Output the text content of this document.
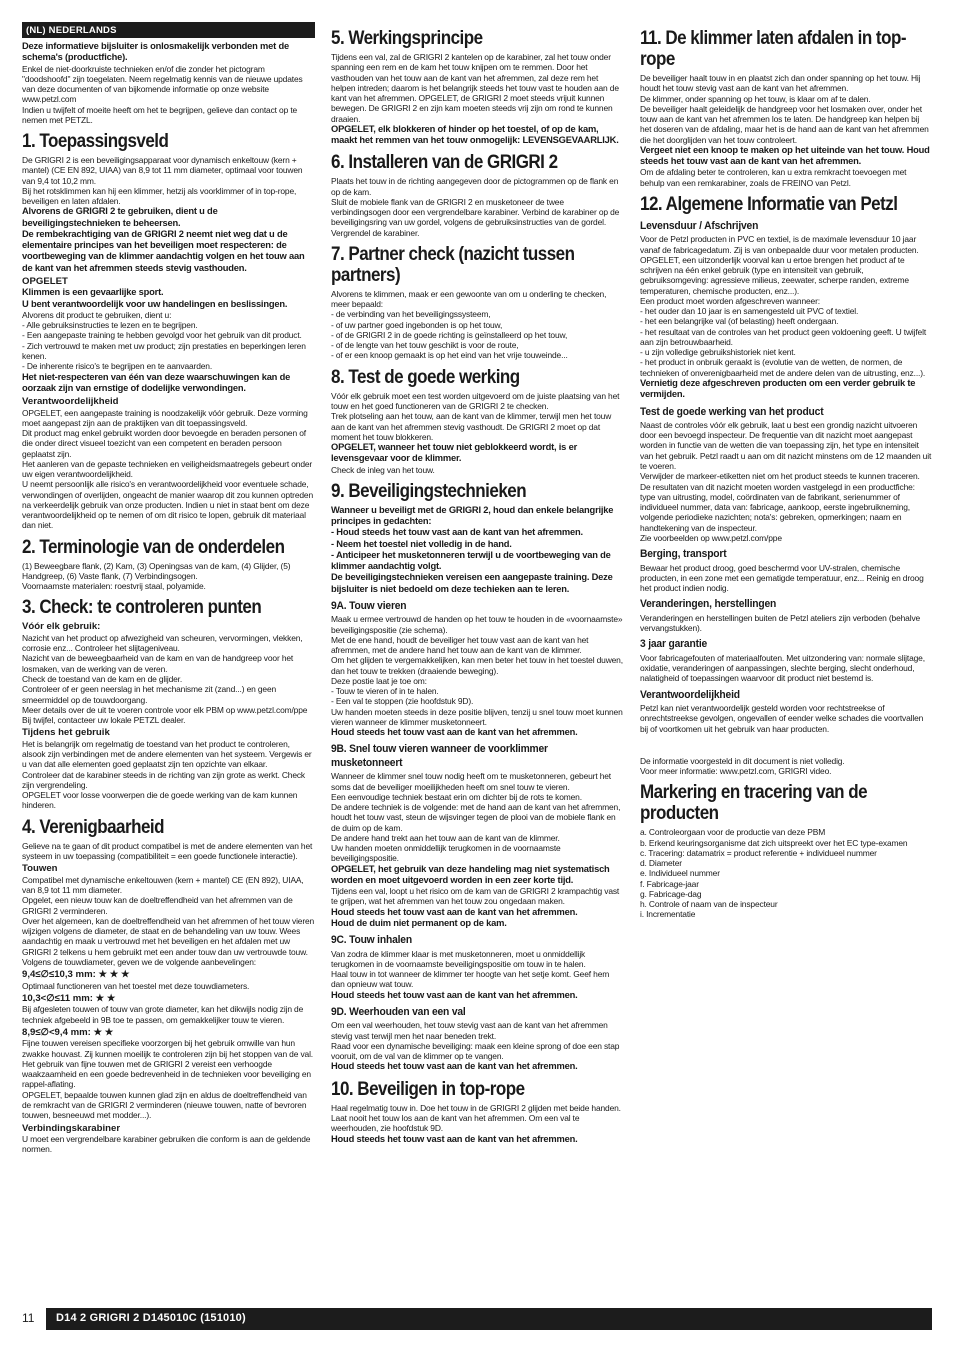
(NL) NEDERLANDS
Deze informatieve bijsluiter is onlosmakelijk verbonden met de schema's (productfiche).
Enkel de niet-doorkruiste technieken en/of die zonder het pictogram "doodshoofd" zijn toegelaten. Neem regelmatig kennis van de nieuwe updates van deze documenten of van bijkomende informatie op onze website www.petzl.com
Indien u twijfelt of moeite heeft om het te begrijpen, gelieve dan contact op te nemen met PETZL.
1. Toepassingsveld
De GRIGRI 2 is een beveiligingsapparaat voor dynamisch enkeltouw (kern + mantel) (CE EN 892, UIAA) van 8,9 tot 11 mm diameter, optimaal voor touwen van 9,4 tot 10,2 mm.
Bij het rotsklimmen kan hij een klimmer, hetzij als voorklimmer of in top-rope, beveiligen en laten afdalen.
Alvorens de GRIGRI 2 te gebruiken, dient u de beveiligingstechnieken te beheersen.
De rembekrachtiging van de GRIGRI 2 neemt niet weg dat u de elementaire principes van het beveiligen moet respecteren: de voortbeweging van de klimmer aandachtig volgen en het touw aan de kant van het afremmen steeds stevig vasthouden.
OPGELET
Klimmen is een gevaarlijke sport.
U bent verantwoordelijk voor uw handelingen en beslissingen.
Alvorens dit product te gebruiken, dient u:
- Alle gebruiksinstructies te lezen en te begrijpen.
- Een aangepaste training te hebben gevolgd voor het gebruik van dit product.
- Zich vertrouwd te maken met uw product; zijn prestaties en beperkingen leren kenen.
- De inherente risico's te begrijpen en te aanvaarden.
Het niet-respecteren van één van deze waarschuwingen kan de oorzaak zijn van ernstige of dodelijke verwondingen.
Verantwoordelijkheid
OPGELET, een aangepaste training is noodzakelijk vóór gebruik. Deze vorming moet aangepast zijn aan de praktijken van dit toepassingsveld.
Dit product mag enkel gebruikt worden door bevoegde en beraden personen of die onder direct visueel toezicht van een competent en beraden persoon geplaatst zijn.
Het aanleren van de gepaste technieken en veiligheidsmaatregels gebeurt onder uw eigen verantwoordelijkheid.
U neemt persoonlijk alle risico's en verantwoordelijkheid voor eventuele schade, verwondingen of overlijden, ongeacht de manier waarop dit zou kunnen optreden na verkeerdelijk gebruik van onze producten. Indien u niet in staat bent om deze verantwoordelijkheid op te nemen of om dit risico te lopen, gebruik dit materiaal dan niet.
2. Terminologie van de onderdelen
(1) Beweegbare flank, (2) Kam, (3) Openingsas van de kam, (4) Glijder, (5) Handgreep, (6) Vaste flank, (7) Verbindingsogen.
Voornaamste materialen: roestvrij staal, polyamide.
3. Check: te controleren punten
Vóór elk gebruik:
Nazicht van het product op afwezigheid van scheuren, vervormingen, vlekken, corrosie enz... Controleer het slijtageniveau.
Nazicht van de beweegbaarheid van de kam en van de handgreep voor het losmaken, van de werking van de veren.
Check de toestand van de kam en de glijder.
Controleer of er geen neerslag in het mechanisme zit (zand...) en geen smeermiddel op de touwdoorgang.
Meer details over de uit te voeren controle voor elk PBM op www.petzl.com/ppe
Bij twijfel, contacteer uw lokale PETZL dealer.
Tijdens het gebruik
Het is belangrijk om regelmatig de toestand van het product te controleren, alsook zijn verbindingen met de andere elementen van het systeem. Vergewis er u van dat alle elementen goed geplaatst zijn ten opzichte van elkaar.
Controleer dat de karabiner steeds in de richting van zijn grote as werkt. Check zijn vergrendeling.
OPGELET voor losse voorwerpen die de goede werking van de kam kunnen hinderen.
4. Verenigbaarheid
Gelieve na te gaan of dit product compatibel is met de andere elementen van het systeem in uw toepassing (compatibiliteit = een goede functionele interactie).
Touwen
Compatibel met dynamische enkeltouwen (kern + mantel) CE (EN 892), UIAA, van 8,9 tot 11 mm diameter.
Opgelet, een nieuw touw kan de doeltreffendheid van het afremmen van de GRIGRI 2 verminderen.
Over het algemeen, kan de doeltreffendheid van het afremmen of het touw vieren wijzigen volgens de diameter, de staat en de behandeling van uw touw. Wees aandachtig en maak u vertrouwd met het beveiligen en het afdalen met uw GRIGRI 2 telkens u hem gebruikt met een ander touw dan uw vertrouwde touw.
Volgens de touwdiameter, geven we de volgende aanbevelingen:
9,4≤∅≤10,3 mm: ★ ★ ★
Optimaal functioneren van het toestel met deze touwdiameters.
10,3<∅≤11 mm: ★ ★
Bij afgesleten touwen of touw van grote diameter, kan het dikwijls nodig zijn de techniek afgebeeld in 9B toe te passen, om gemakkelijker touw te vieren.
8,9≤∅<9,4 mm: ★ ★
Fijne touwen vereisen specifieke voorzorgen bij het gebruik omwille van hun zwakke houvast. Zij kunnen moeilijk te controleren zijn bij het stoppen van de val. Het gebruik van fijne touwen met de GRIGRI 2 vereist een verhoogde waakzaamheid en een goede bedrevenheid in de technieken voor beveiliging en rappel-aflating.
OPGELET, bepaalde touwen kunnen glad zijn en aldus de doeltreffendheid van de remkracht van de GRIGRI 2 verminderen (nieuwe touwen, natte of bevroren touwen, besneeuwd met modder...).
Verbindingskarabiner
U moet een vergrendelbare karabiner gebruiken die conform is aan de geldende normen.
5. Werkingsprincipe
Tijdens een val, zal de GRIGRI 2 kantelen op de karabiner, zal het touw onder spanning een rem en de kam het touw knijpen om te remmen. Door het vasthouden van het touw aan de kant van het afremmen, zal deze rem het helpen intreden; daarom is het belangrijk steeds het touw vast te houden aan de kant van het afremmen. OPGELET, de GRIGRI 2 moet steeds vrijuit kunnen bewegen. De GRIGRI 2 en zijn kam moeten steeds vrij zijn om rond te kunnen draaien.
OPGELET, elk blokkeren of hinder op het toestel, of op de kam, maakt het remmen van het touw onmogelijk: LEVENSGEVAARLIJK.
6. Installeren van de GRIGRI 2
Plaats het touw in de richting aangegeven door de pictogrammen op de flank en op de kam.
Sluit de mobiele flank van de GRIGRI 2 en musketoneer de twee verbindingsogen door een vergrendelbare karabiner. Verbind de karabiner op de beveiligingsring van uw gordel, volgens de gebruiksinstructies van de gordel. Vergrendel de karabiner.
7. Partner check (nazicht tussen partners)
Alvorens te klimmen, maak er een gewoonte van om u onderling te checken, meer bepaald:
- de verbinding van het beveiligingssysteem,
- of uw partner goed ingebonden is op het touw,
- of de GRIGRI 2 in de goede richting is geïnstalleerd op het touw,
- of de lengte van het touw geschikt is voor de route,
- of er een knoop gemaakt is op het eind van het vrije touweinde...
8. Test de goede werking
Vóór elk gebruik moet een test worden uitgevoerd om de juiste plaatsing van het touw en het goed functioneren van de GRIGRI 2 te checken.
Trek plotseling aan het touw, aan de kant van de klimmer, terwijl men het touw aan de kant van het afremmen stevig vasthoudt. De GRIGRI 2 moet op dat moment het touw blokkeren.
OPGELET, wanneer het touw niet geblokkeerd wordt, is er levensgevaar voor de klimmer.
Check de inleg van het touw.
9. Beveiligingstechnieken
Wanneer u beveiligt met de GRIGRI 2, houd dan enkele belangrijke principes in gedachten:
- Houd steeds het touw vast aan de kant van het afremmen.
- Neem het toestel niet volledig in de hand.
- Anticipeer het musketonneren terwijl u de voortbeweging van de klimmer aandachtig volgt.
De beveiligingstechnieken vereisen een aangepaste training. Deze bijsluiter is niet bedoeld om deze techieken aan te leren.
9A. Touw vieren
Maak u ermee vertrouwd de handen op het touw te houden in de «voornaamste» beveiligingspositie (zie schema).
Met de ene hand, houdt de beveiliger het touw vast aan de kant van het afremmen, met de andere hand het touw aan de kant van de klimmer.
Om het glijden te vergemakkelijken, kan men beter het touw in het toestel duwen, dan het touw te trekken (draaiende beweging).
Deze postie laat je toe om:
- Touw te vieren of in te halen.
- Een val te stoppen (zie hoofdstuk 9D).
Uw handen moeten steeds in deze positie blijven, tenzij u snel touw moet kunnen vieren wanneer de klimmer musketonneert.
Houd steeds het touw vast aan de kant van het afremmen.
9B. Snel touw vieren wanneer de voorklimmer musketonneert
Wanneer de klimmer snel touw nodig heeft om te musketonneren, gebeurt het soms dat de beveiliger moeilijkheden heeft om snel touw te vieren.
Een eenvoudige techniek bestaat erin om dichter bij de rots te komen.
De andere techniek is de volgende: met de hand aan de kant van het afremmen, houdt het touw vast, steun de wijsvinger tegen de plooi van de mobiele flank en de duim op de kam.
De andere hand trekt aan het touw aan de kant van de klimmer.
Uw handen moeten onmiddellijk terugkomen in de voornaamste beveiligingspositie.
OPGELET, het gebruik van deze handeling mag niet systematisch worden en moet uitgevoerd worden in een zeer korte tijd.
Tijdens een val, loopt u het risico om de kam van de GRIGRI 2 krampachtig vast te grijpen, wat het afremmen van het touw zou ongedaan maken.
Houd steeds het touw vast aan de kant van het afremmen.
Houd de duim niet permanent op de kam.
9C. Touw inhalen
Van zodra de klimmer klaar is met musketonneren, moet u onmiddellijk terugkomen in de voornaamste beveiligingspositie om touw in te halen.
Haal touw in tot wanneer de klimmer ter hoogte van het setje komt. Geef hem dan opnieuw wat touw.
Houd steeds het touw vast aan de kant van het afremmen.
9D. Weerhouden van een val
Om een val weerhouden, het touw stevig vast aan de kant van het afremmen stevig vast terwijl men het naar beneden trekt.
Raad voor een dynamische beveiliging: maak een kleine sprong of doe een stap vooruit, om de val van de klimmer op te vangen.
Houd steeds het touw vast aan de kant van het afremmen.
10. Beveiligen in top-rope
Haal regelmatig touw in. Doe het touw in de GRIGRI 2 glijden met beide handen. Laat nooit het touw los aan de kant van het afremmen. Om een val te weerhouden, zie hoofdstuk 9D.
Houd steeds het touw vast aan de kant van het afremmen.
11. De klimmer laten afdalen in top-rope
De beveiliger haalt touw in en plaatst zich dan onder spanning op het touw. Hij houdt het touw stevig vast aan de kant van het afremmen.
De klimmer, onder spanning op het touw, is klaar om af te dalen.
De beveiliger haalt geleidelijk de handgreep voor het losmaken over, onder het touw aan de kant van het afremmen los te laten. De handgreep kan helpen bij het doseren van de afdaling, maar het is de hand aan de kant van het afremmen die het doorglijden van het touw controleert.
Vergeet niet een knoop te maken op het uiteinde van het touw. Houd steeds het touw vast aan de kant van het afremmen.
Om de afdaling beter te controleren, kan u extra remkracht toevoegen met behulp van een remkarabiner, zoals de FREINO van Petzl.
12. Algemene Informatie van Petzl
Levensduur / Afschrijven
Voor de Petzl producten in PVC en textiel, is de maximale levensduur 10 jaar vanaf de fabricagedatum. Zij is van onbepaalde duur voor metalen producten.
OPGELET, een uitzonderlijk voorval kan u ertoe brengen het product af te schrijven na één enkel gebruik (type en intensiteit van gebruik, gebruiksomgeving: agressieve milieus, zeewater, scherpe randen, extreme temperaturen, chemische producten, enz...).
Een product moet worden afgeschreven wanneer:
- het ouder dan 10 jaar is en samengesteld uit PVC of textiel.
- het een belangrijke val (of belasting) heeft ondergaan.
- het resultaat van de controles van het product geen voldoening geeft. U twijfelt aan zijn betrouwbaarheid.
- u zijn volledige gebruikshistoriek niet kent.
- het product in onbruik geraakt is (evolutie van de wetten, de normen, de technieken of onverenigbaarheid met de andere delen van de uitrusting, enz...).
Vernietig deze afgeschreven producten om een verder gebruik te vermijden.
Test de goede werking van het product
Naast de controles vóór elk gebruik, laat u best een grondig nazicht uitvoeren door een bevoegd inspecteur. De frequentie van dit nazicht moet aangepast worden in functie van de wetten die van toepassing zijn, het type en intensiteit van het gebruik. Petzl raadt u aan om dit nazicht minstens om de 12 maanden uit te voeren.
Verwijder de markeer-etiketten niet om het product steeds te kunnen traceren.
De resultaten van dit nazicht moeten worden vastgelegd in een productfiche: type van uitrusting, model, coördinaten van de fabrikant, serienummer of individueel nummer, data van: fabricage, aankoop, eerste ingebruikneming, volgende periodieke nazichten; nota's: gebreken, opmerkingen; naam en handtekening van de inspecteur.
Zie voorbeelden op www.petzl.com/ppe
Berging, transport
Bewaar het product droog, goed beschermd voor UV-stralen, chemische producten, in een zone met een gematigde temperatuur, enz... Reinig en droog het product indien nodig.
Veranderingen, herstellingen
Veranderingen en herstellingen buiten de Petzl ateliers zijn verboden (behalve vervangstukken).
3 jaar garantie
Voor fabricagefouten of materiaalfouten. Met uitzondering van: normale slijtage, oxidatie, veranderingen of aanpassingen, slechte berging, slecht onderhoud, nalatigheid of toepassingen waarvoor dit product niet bestemd is.
Verantwoordelijkheid
Petzl kan niet verantwoordelijk gesteld worden voor rechtstreekse of onrechtstreekse gevolgen, ongevallen of eender welke schades die voortvallen bij of voortkomen uit het gebruik van haar producten.
De informatie voorgesteld in dit document is niet volledig.
Voor meer informatie: www.petzl.com, GRIGRI video.
Markering en tracering van de producten
a. Controleorgaan voor de productie van deze PBM
b. Erkend keuringsorganisme dat zich uitspreekt over het EC type-examen
c. Tracering: datamatrix = product referentie + individueel nummer
d. Diameter
e. Individueel nummer
f. Fabricage-jaar
g. Fabricage-dag
h. Controle of naam van de inspecteur
i. Incrementatie
11	D14 2 GRIGRI 2 D145010C (151010)
